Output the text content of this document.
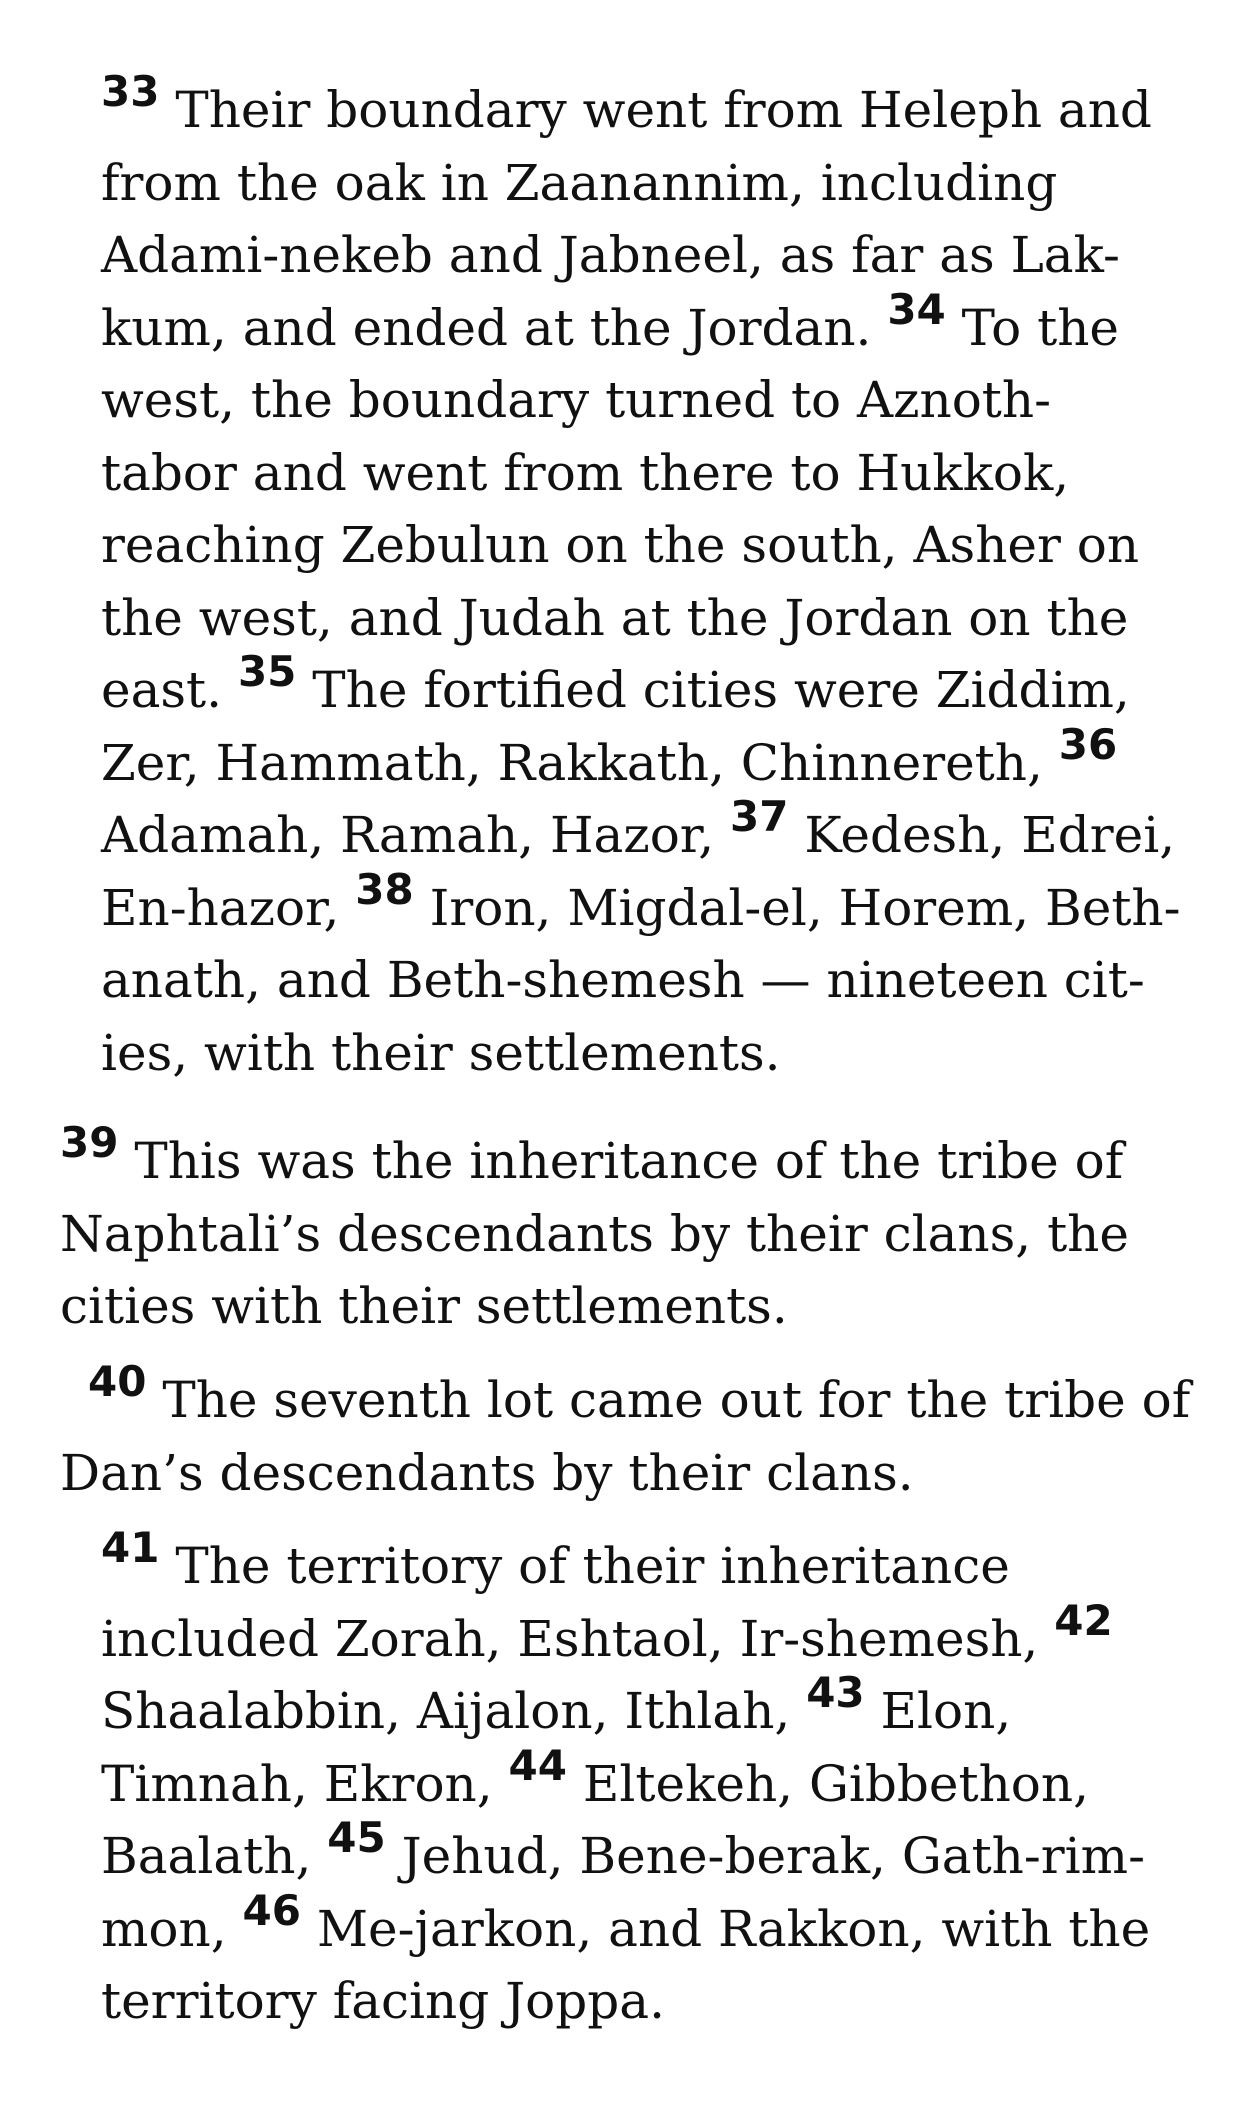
$^{33}$ Their boundary went from Heleph and
from the oak in Zaanannim, including
Adami-nekeb and Jabneel, as far as Lak-
kum, and ended at the Jordan. $^{34}$ To the
west, the boundary turned to Aznoth-
tabor and went from there to Hukkok,
reaching Zebulun on the south, Asher on
the west, and Judah at the Jordan on the
east. $^{35}$ The fortified cities were Ziddim,
Zer, Hammath, Rakkath, Chinnereth, $^{36}$
Adamah, Ramah, Hazor, $^{37}$ Kedesh, Edrei,
En-hazor, $^{38}$ Iron, Migdal-el, Horem, Beth-
anath, and Beth-shemesh — nineteen cit-
ies, with their settlements.
$^{39}$ This was the inheritance of the tribe of
Naphtali’s descendants by their clans, the
cities with their settlements.
$^{40}$ The seventh lot came out for the tribe of
Dan’s descendants by their clans.
$^{41}$ The territory of their inheritance
included Zorah, Eshtaol, Ir-shemesh, $^{42}$
Shaalabbin, Aijalon, Ithlah, $^{43}$ Elon,
Timnah, Ekron, $^{44}$ Eltekeh, Gibbethon,
Baalath, $^{45}$ Jehud, Bene-berak, Gath-rim-
mon, $^{46}$ Me-jarkon, and Rakkon, with the
territory facing Joppa.
